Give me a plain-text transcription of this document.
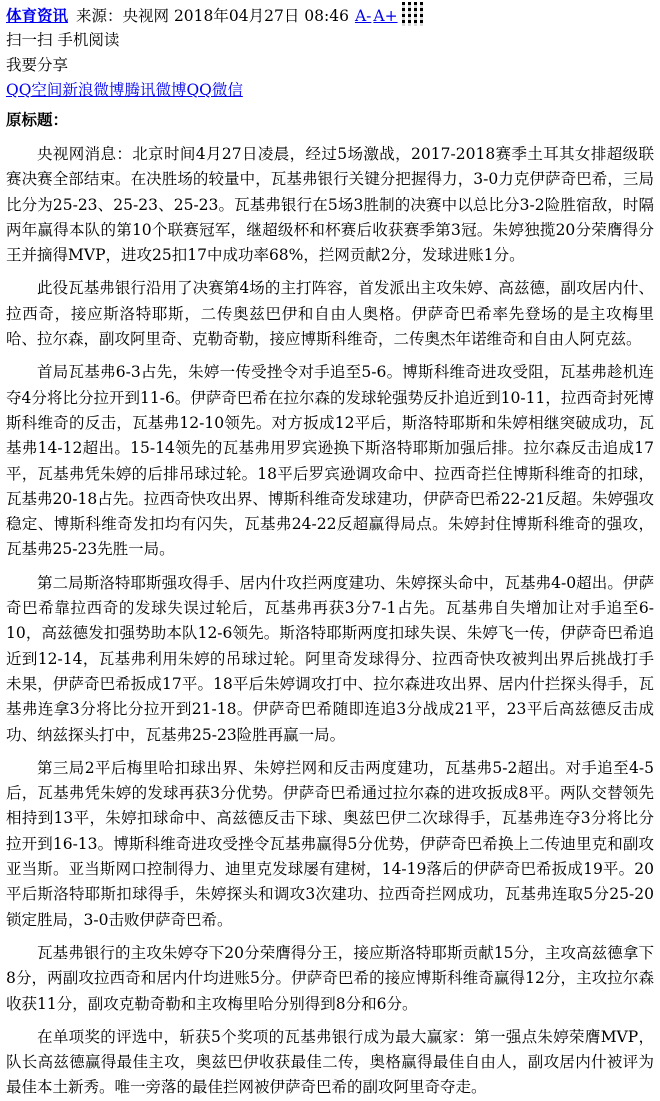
体育资讯 来源：央视网 2018年04月27日 08:46 A- A+
扫一扫 手机阅读
我要分享
QQ空间新浪微博腾讯微博QQ微信
原标题：

央视网消息：北京时间4月27日凌晨，经过5场激战，2017-2018赛季土耳其女排超级联赛决赛全部结束。在决胜场的较量中，瓦基弗银行关键分把握得力，3-0力克伊萨奇巴希，三局比分为25-23、25-23、25-23。瓦基弗银行在5场3胜制的决赛中以总比分3-2险胜宿敌，时隔两年赢得本队的第10个联赛冠军，继超级杯和杯赛后收获赛季第3冠。朱婷独揽20分荣膺得分王并摘得MVP，进攻25扣17中成功率68%，拦网贡献2分，发球进账1分。

此役瓦基弗银行沿用了决赛第4场的主打阵容，首发派出主攻朱婷、高兹德，副攻居内什、拉西奇，接应斯洛特耶斯，二传奥兹巴伊和自由人奥格。伊萨奇巴希率先登场的是主攻梅里哈、拉尔森，副攻阿里奇、克勒奇勒，接应博斯科维奇，二传奥杰年诺维奇和自由人阿克兹。

首局瓦基弗6-3占先，朱婷一传受挫令对手追至5-6。博斯科维奇进攻受阻，瓦基弗趁机连夺4分将比分拉开到11-6。伊萨奇巴希在拉尔森的发球轮强势反扑追近到10-11，拉西奇封死博斯科维奇的反击，瓦基弗12-10领先。对方扳成12平后，斯洛特耶斯和朱婷相继突破成功，瓦基弗14-12超出。15-14领先的瓦基弗用罗宾逊换下斯洛特耶斯加强后排。拉尔森反击追成17平，瓦基弗凭朱婷的后排吊球过轮。18平后罗宾逊调攻命中、拉西奇拦住博斯科维奇的扣球，瓦基弗20-18占先。拉西奇快攻出界、博斯科维奇发球建功，伊萨奇巴希22-21反超。朱婷强攻稳定、博斯科维奇发扣均有闪失，瓦基弗24-22反超赢得局点。朱婷封住博斯科维奇的强攻，瓦基弗25-23先胜一局。

第二局斯洛特耶斯强攻得手、居内什攻拦两度建功、朱婷探头命中，瓦基弗4-0超出。伊萨奇巴希靠拉西奇的发球失误过轮后，瓦基弗再获3分7-1占先。瓦基弗自失增加让对手追至6-10，高兹德发扣强势助本队12-6领先。斯洛特耶斯两度扣球失误、朱婷飞一传，伊萨奇巴希追近到12-14，瓦基弗利用朱婷的吊球过轮。阿里奇发球得分、拉西奇快攻被判出界后挑战打手未果，伊萨奇巴希扳成17平。18平后朱婷调攻打中、拉尔森进攻出界、居内什拦探头得手，瓦基弗连拿3分将比分拉开到21-18。伊萨奇巴希随即连追3分战成21平，23平后高兹德反击成功、纳兹探头打中，瓦基弗25-23险胜再赢一局。

第三局2平后梅里哈扣球出界、朱婷拦网和反击两度建功，瓦基弗5-2超出。对手追至4-5后，瓦基弗凭朱婷的发球再获3分优势。伊萨奇巴希通过拉尔森的进攻扳成8平。两队交替领先相持到13平，朱婷扣球命中、高兹德反击下球、奥兹巴伊二次球得手，瓦基弗连夺3分将比分拉开到16-13。博斯科维奇进攻受挫令瓦基弗赢得5分优势，伊萨奇巴希换上二传迪里克和副攻亚当斯。亚当斯网口控制得力、迪里克发球屡有建树，14-19落后的伊萨奇巴希扳成19平。20平后斯洛特耶斯扣球得手，朱婷探头和调攻3次建功、拉西奇拦网成功，瓦基弗连取5分25-20锁定胜局，3-0击败伊萨奇巴希。

瓦基弗银行的主攻朱婷夺下20分荣膺得分王，接应斯洛特耶斯贡献15分，主攻高兹德拿下8分，两副攻拉西奇和居内什均进账5分。伊萨奇巴希的接应博斯科维奇赢得12分，主攻拉尔森收获11分，副攻克勒奇勒和主攻梅里哈分别得到8分和6分。

在单项奖的评选中，斩获5个奖项的瓦基弗银行成为最大赢家：第一强点朱婷荣膺MVP，队长高兹德赢得最佳主攻，奥兹巴伊收获最佳二传，奥格赢得最佳自由人，副攻居内什被评为最佳本土新秀。唯一旁落的最佳拦网被伊萨奇巴希的副攻阿里奇夺走。
